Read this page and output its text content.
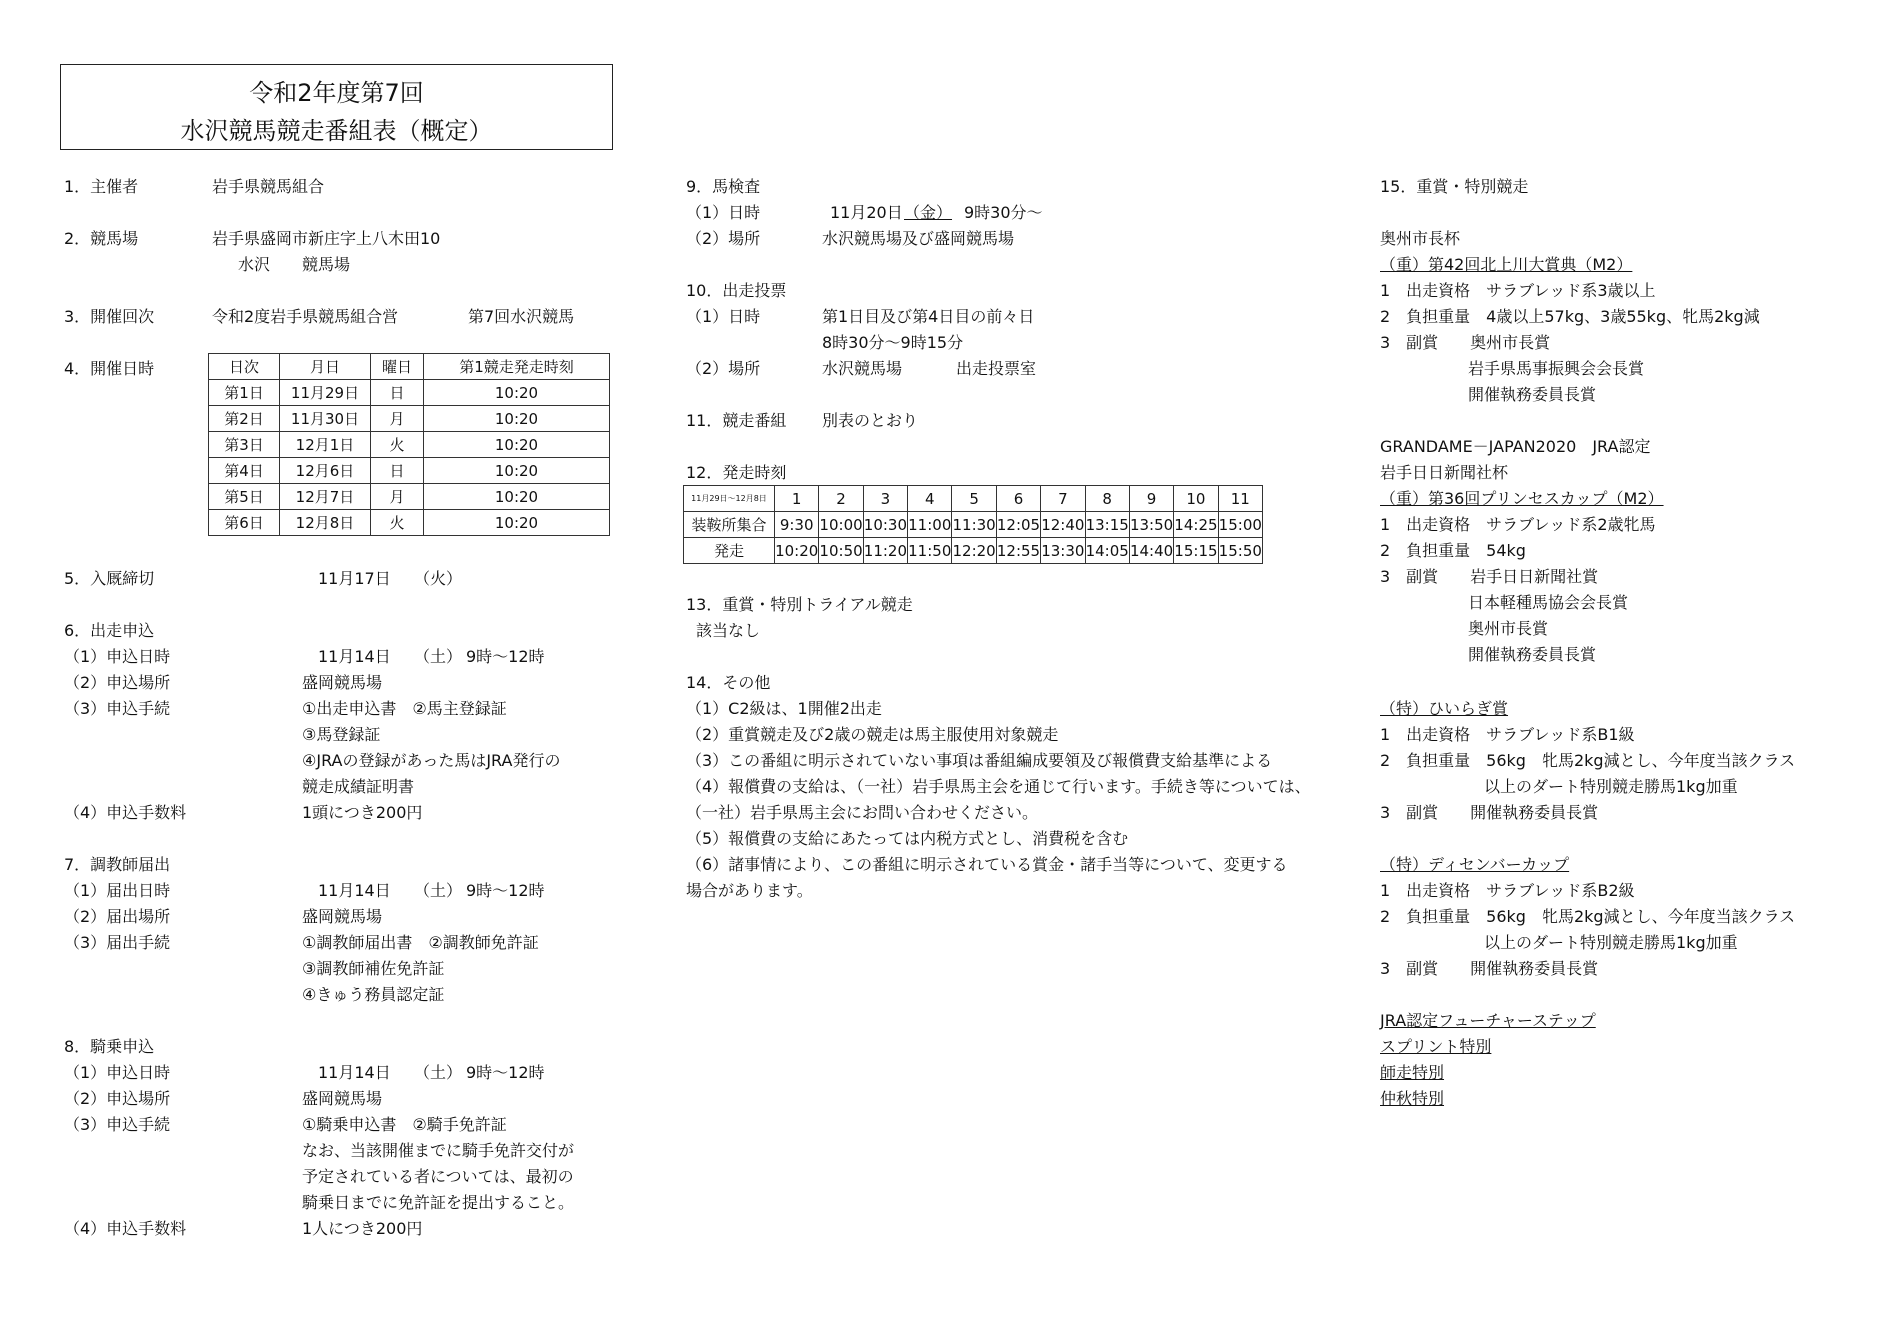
令和2年度第7回
水沢競馬競走番組表（概定）
1．主催者	岩手県競馬組合
2．競馬場	岩手県盛岡市新庄字上八木田10
水沢　　競馬場
3．開催回次	令和2度岩手県競馬組合営	第7回水沢競馬
4．開催日時	日次	月日	曜日	第1競走発走時刻
第1日	11月29日	日	10:20
第2日	11月30日	月	10:20
第3日	12月1日	火	10:20
第4日	12月6日	日	10:20
第5日	12月7日	月	10:20
第6日	12月8日	火	10:20
5．入厩締切	11月17日 （火）
6．出走申込
（1）申込日時	11月14日 （土） 9時～12時
（2）申込場所	盛岡競馬場
（3）申込手続	①出走申込書　②馬主登録証
③馬登録証
④JRAの登録があった馬はJRA発行の
競走成績証明書
（4）申込手数料	1頭につき200円
7．調教師届出
（1）届出日時	11月14日 （土） 9時～12時
（2）届出場所	盛岡競馬場
（3）届出手続	①調教師届出書　②調教師免許証
③調教師補佐免許証
④きゅう務員認定証
8．騎乗申込
（1）申込日時	11月14日 （土） 9時～12時
（2）申込場所	盛岡競馬場
（3）申込手続	①騎乗申込書　②騎手免許証
なお、当該開催までに騎手免許交付が
予定されている者については、最初の
騎乗日までに免許証を提出すること。
（4）申込手数料	1人につき200円
9．馬検査
（1）日時	11月20日 （金） 9時30分～
（2）場所	水沢競馬場及び盛岡競馬場
10．出走投票
（1）日時	第1日目及び第4日目の前々日
8時30分～9時15分
（2）場所	水沢競馬場	出走投票室
11．競走番組 別表のとおり
12．発走時刻
11月29日～12月8日	1	2	3	4	5	6	7	8	9	10	11
装鞍所集合	9:30	10:00	10:30	11:00	11:30	12:05	12:40	13:15	13:50	14:25	15:00
発走	10:20	10:50	11:20	11:50	12:20	12:55	13:30	14:05	14:40	15:15	15:50
13．重賞・特別トライアル競走
該当なし
14．その他
（1）C2級は、1開催2出走
（2）重賞競走及び2歳の競走は馬主服使用対象競走
（3）この番組に明示されていない事項は番組編成要領及び報償費支給基準による
（4）報償費の支給は、（一社）岩手県馬主会を通じて行います。手続き等については、
（一社）岩手県馬主会にお問い合わせください。
（5）報償費の支給にあたっては内税方式とし、消費税を含む
（6）諸事情により、この番組に明示されている賞金・諸手当等について、変更する
場合があります。
15．重賞・特別競走
奥州市長杯
（重）第42回北上川大賞典（M2）
1　出走資格　サラブレッド系3歳以上
2　負担重量　4歳以上57kg、3歳55kg、牝馬2kg減
3　副賞　　奥州市長賞
岩手県馬事振興会会長賞
開催執務委員長賞
GRANDAME－JAPAN2020　JRA認定
岩手日日新聞社杯
（重）第36回プリンセスカップ（M2）
1　出走資格　サラブレッド系2歳牝馬
2　負担重量　54kg
3　副賞　　岩手日日新聞社賞
日本軽種馬協会会長賞
奥州市長賞
開催執務委員長賞
（特）ひいらぎ賞
1　出走資格　サラブレッド系B1級
2　負担重量　56kg　牝馬2kg減とし、今年度当該クラス
以上のダート特別競走勝馬1kg加重
3　副賞　　開催執務委員長賞
（特）ディセンバーカップ
1　出走資格　サラブレッド系B2級
2　負担重量　56kg　牝馬2kg減とし、今年度当該クラス
以上のダート特別競走勝馬1kg加重
3　副賞　　開催執務委員長賞
JRA認定フューチャーステップ
スプリント特別
師走特別
仲秋特別
